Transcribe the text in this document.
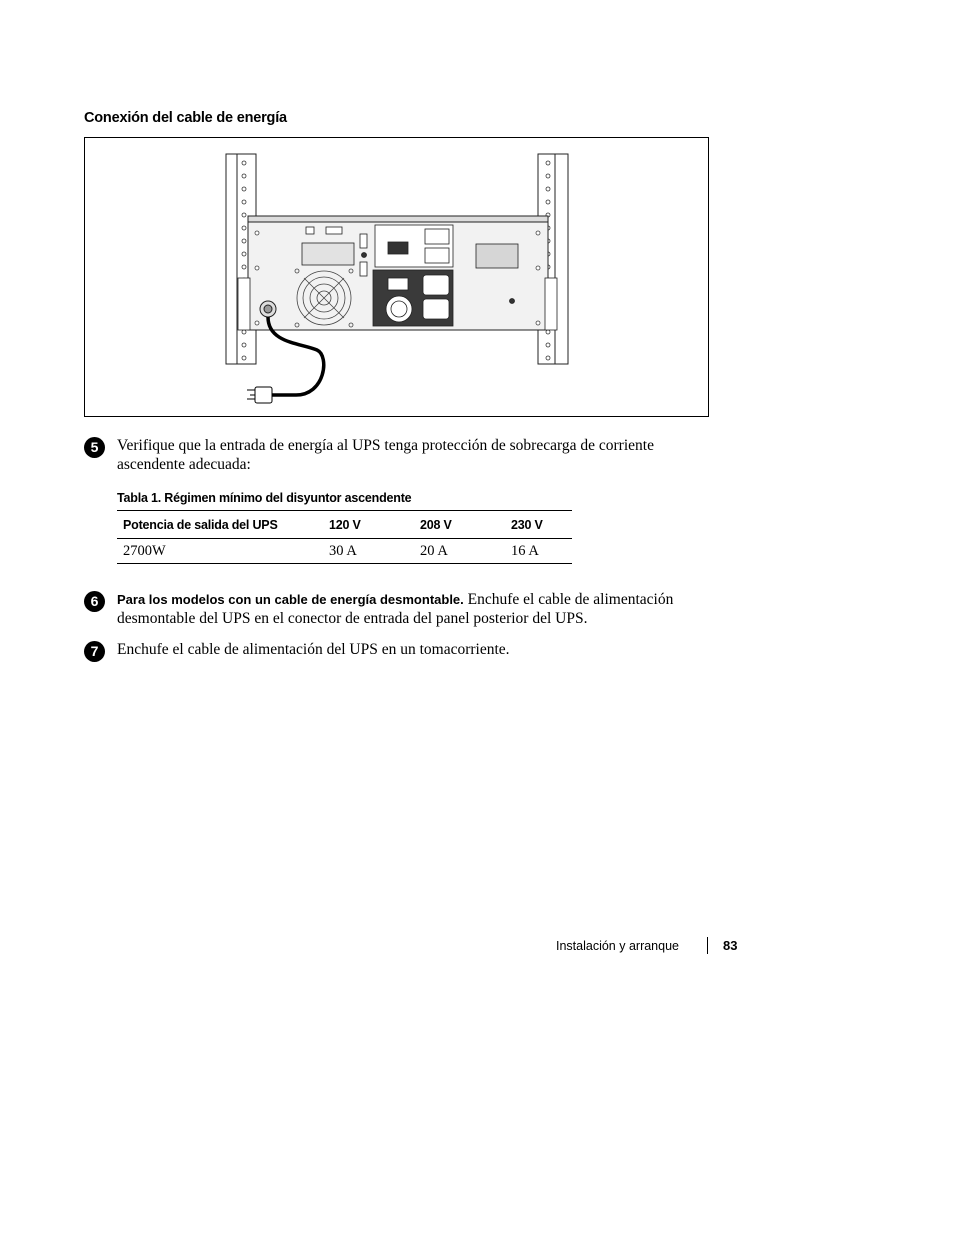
Conexión del cable de energía
5	Verifique que la entrada de energía al UPS tenga protección de sobrecarga de corriente ascendente adecuada:
Tabla 1. Régimen mínimo del disyuntor ascendente
Potencia de salida del UPS	120 V	208 V	230 V
2700W	30 A	20 A	16 A
6	Para los modelos con un cable de energía desmontable. Enchufe el cable de alimentación desmontable del UPS en el conector de entrada del panel posterior del UPS.
7	Enchufe el cable de alimentación del UPS en un tomacorriente.
Instalación y arranque	83
